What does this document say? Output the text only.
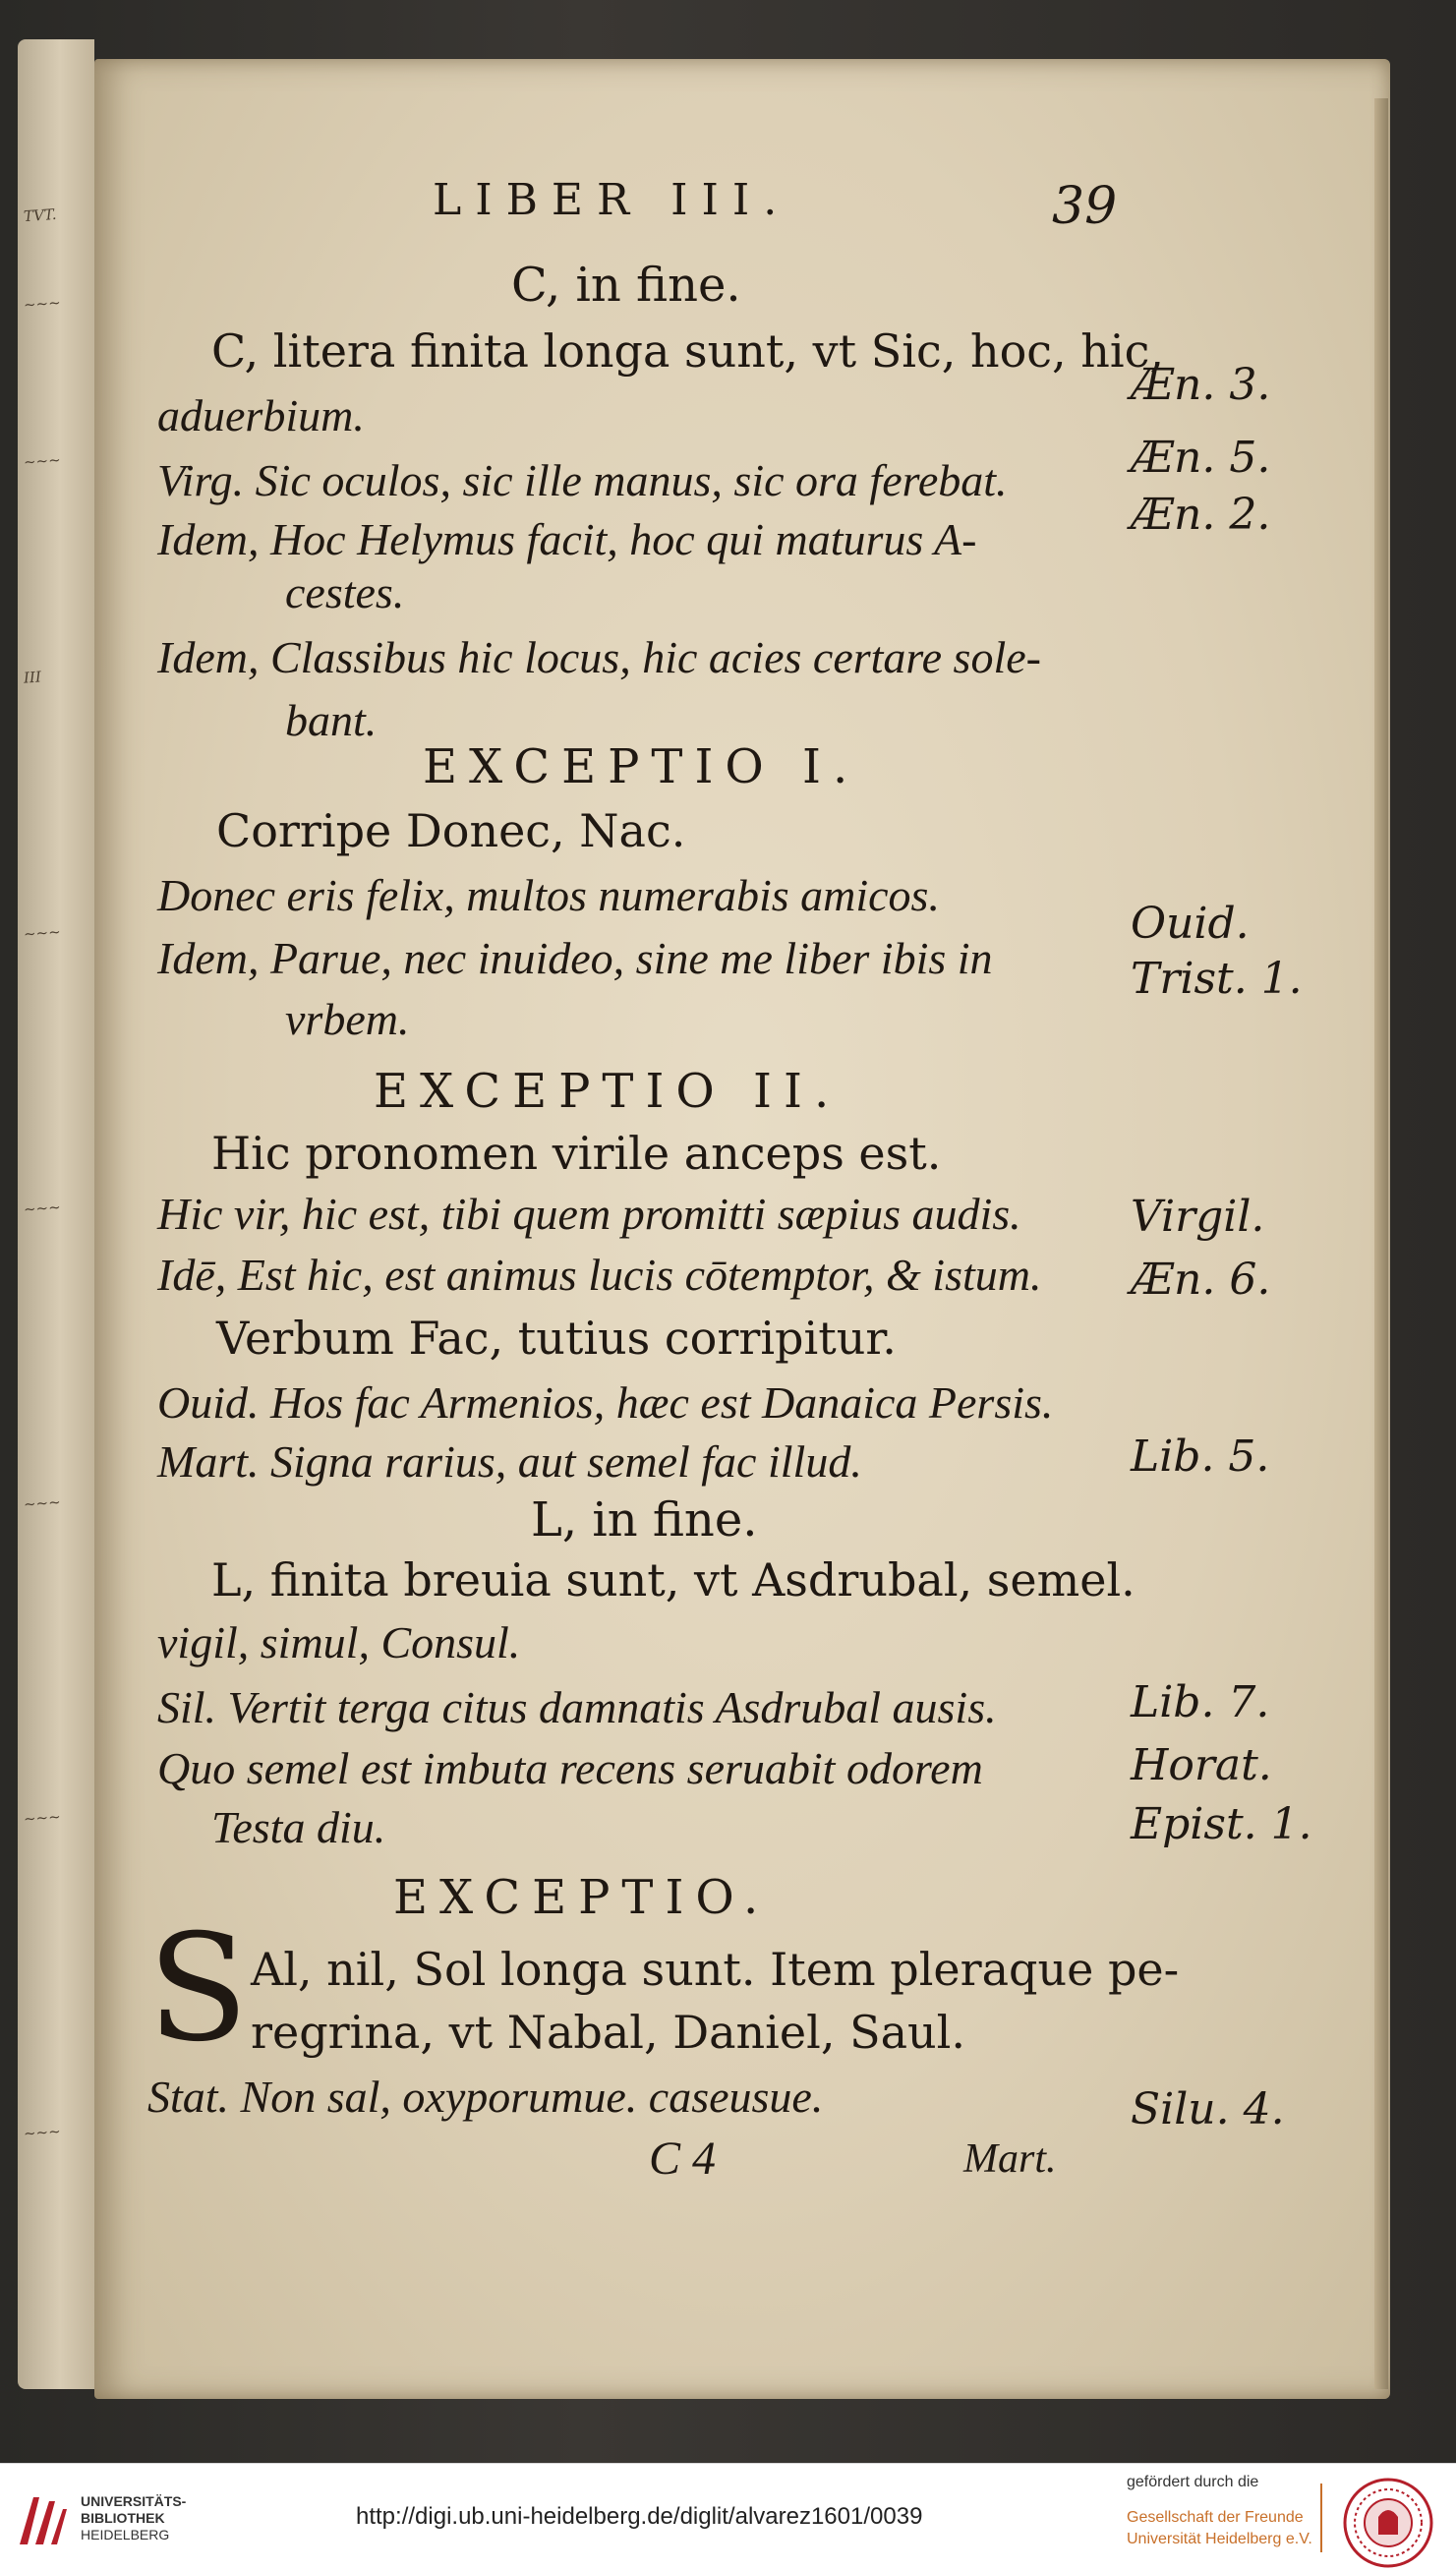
TVT.
~~~
~~~
III
~~~
~~~
~~~
~~~
~~~
LIBER III.	39
C, in fine.
C, litera finita longa sunt, vt Sic, hoc, hic,
aduerbium.
Virg. Sic oculos, sic ille manus, sic ora ferebat.
Idem, Hoc Helymus facit, hoc qui maturus A-
cestes.
Idem, Classibus hic locus, hic acies certare sole-
bant.
EXCEPTIO I.
Corripe Donec, Nac.
Donec eris felix, multos numerabis amicos.
Idem, Parue, nec inuideo, sine me liber ibis in
vrbem.
EXCEPTIO II.
Hic pronomen virile anceps est.
Hic vir, hic est, tibi quem promitti sæpius audis.
Idē, Est hic, est animus lucis cōtemptor, & istum.
Verbum Fac, tutius corripitur.
Ouid. Hos fac Armenios, hæc est Danaica Persis.
Mart. Signa rarius, aut semel fac illud.
L, in fine.
L, finita breuia sunt, vt Asdrubal, semel.
vigil, simul, Consul.
Sil. Vertit terga citus damnatis Asdrubal ausis.
Quo semel est imbuta recens seruabit odorem
Testa diu.
EXCEPTIO.
S Al, nil, Sol longa sunt. Item pleraque pe-
regrina, vt Nabal, Daniel, Saul.
Stat. Non sal, oxyporumue. caseusue.
C 4	Mart.
Æn. 3.
Æn. 5.
Æn. 2.
Ouid.
Trist. 1.
Virgil.
Æn. 6.
Lib. 5.
Lib. 7.
Horat.
Epist. 1.
Silu. 4.
UNIVERSITÄTS-
BIBLIOTHEK
HEIDELBERG
http://digi.ub.uni-heidelberg.de/diglit/alvarez1601/0039
gefördert durch die
Gesellschaft der Freunde
Universität Heidelberg e.V.
